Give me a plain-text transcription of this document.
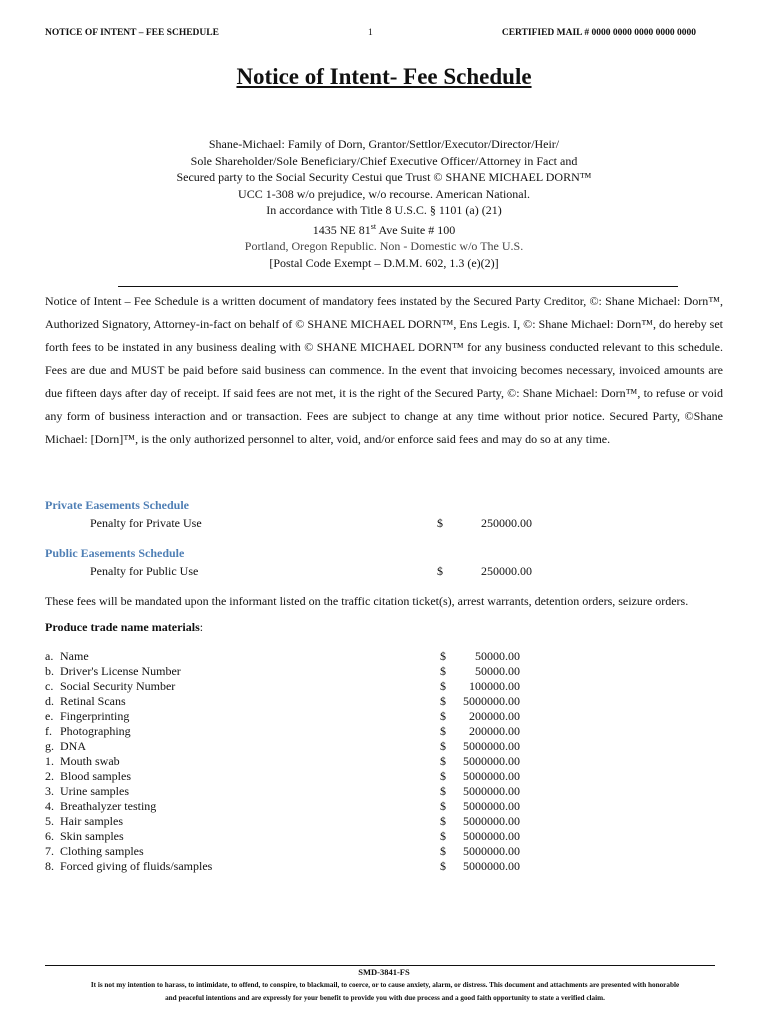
NOTICE OF INTENT – FEE SCHEDULE	1	CERTIFIED MAIL # 0000 0000 0000 0000 0000
Notice of Intent- Fee Schedule
Shane-Michael: Family of Dorn, Grantor/Settlor/Executor/Director/Heir/
Sole Shareholder/Sole Beneficiary/Chief Executive Officer/Attorney in Fact and
Secured party to the Social Security Cestui que Trust © SHANE MICHAEL DORN™
UCC 1-308 w/o prejudice, w/o recourse. American National.
In accordance with Title 8 U.S.C. § 1101 (a) (21)
1435 NE 81st Ave Suite # 100
Portland, Oregon Republic. Non - Domestic w/o The U.S.
[Postal Code Exempt – D.M.M. 602, 1.3 (e)(2)]
Notice of Intent – Fee Schedule is a written document of mandatory fees instated by the Secured Party Creditor, ©: Shane Michael: Dorn™, Authorized Signatory, Attorney-in-fact on behalf of © SHANE MICHAEL DORN™, Ens Legis. I, ©: Shane Michael: Dorn™, do hereby set forth fees to be instated in any business dealing with © SHANE MICHAEL DORN™ for any business conducted relevant to this schedule. Fees are due and MUST be paid before said business can commence. In the event that invoicing becomes necessary, invoiced amounts are due fifteen days after day of receipt. If said fees are not met, it is the right of the Secured Party, ©: Shane Michael: Dorn™, to refuse or void any form of business interaction and or transaction. Fees are subject to change at any time without prior notice. Secured Party, ©Shane Michael: [Dorn]™, is the only authorized personnel to alter, void, and/or enforce said fees and may do so at any time.
Private Easements Schedule
Penalty for Private Use	$	250000.00
Public Easements Schedule
Penalty for Public Use	$	250000.00
These fees will be mandated upon the informant listed on the traffic citation ticket(s), arrest warrants, detention orders, seizure orders.
Produce trade name materials:
a. Name	$	50000.00
b. Driver's License Number	$	50000.00
c. Social Security Number	$	100000.00
d. Retinal Scans	$	5000000.00
e. Fingerprinting	$	200000.00
f. Photographing	$	200000.00
g. DNA	$	5000000.00
1. Mouth swab	$	5000000.00
2. Blood samples	$	5000000.00
3. Urine samples	$	5000000.00
4. Breathalyzer testing	$	5000000.00
5. Hair samples	$	5000000.00
6. Skin samples	$	5000000.00
7. Clothing samples	$	5000000.00
8. Forced giving of fluids/samples	$	5000000.00
SMD-3841-FS
It is not my intention to harass, to intimidate, to offend, to conspire, to blackmail, to coerce, or to cause anxiety, alarm, or distress. This document and attachments are presented with honorable
and peaceful intentions and are expressly for your benefit to provide you with due process and a good faith opportunity to state a verified claim.
